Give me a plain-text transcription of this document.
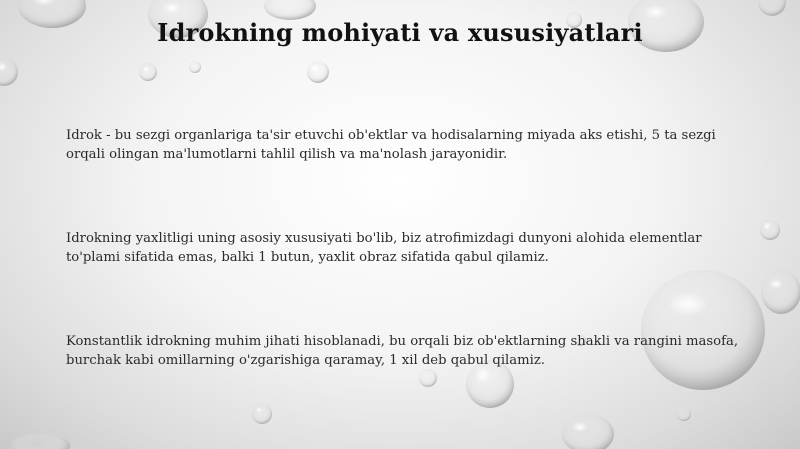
Idrokning mohiyati va xususiyatlari

Idrok - bu sezgi organlariga ta'sir etuvchi ob'ektlar va hodisalarning miyada aks etishi, 5 ta sezgi orqali olingan ma'lumotlarni tahlil qilish va ma'nolash jarayonidir.

Idrokning yaxlitligi uning asosiy xususiyati bo'lib, biz atrofimizdagi dunyoni alohida elementlar to'plami sifatida emas, balki 1 butun, yaxlit obraz sifatida qabul qilamiz.

Konstantlik idrokning muhim jihati hisoblanadi, bu orqali biz ob'ektlarning shakli va rangini masofa, burchak kabi omillarning o'zgarishiga qaramay, 1 xil deb qabul qilamiz.
